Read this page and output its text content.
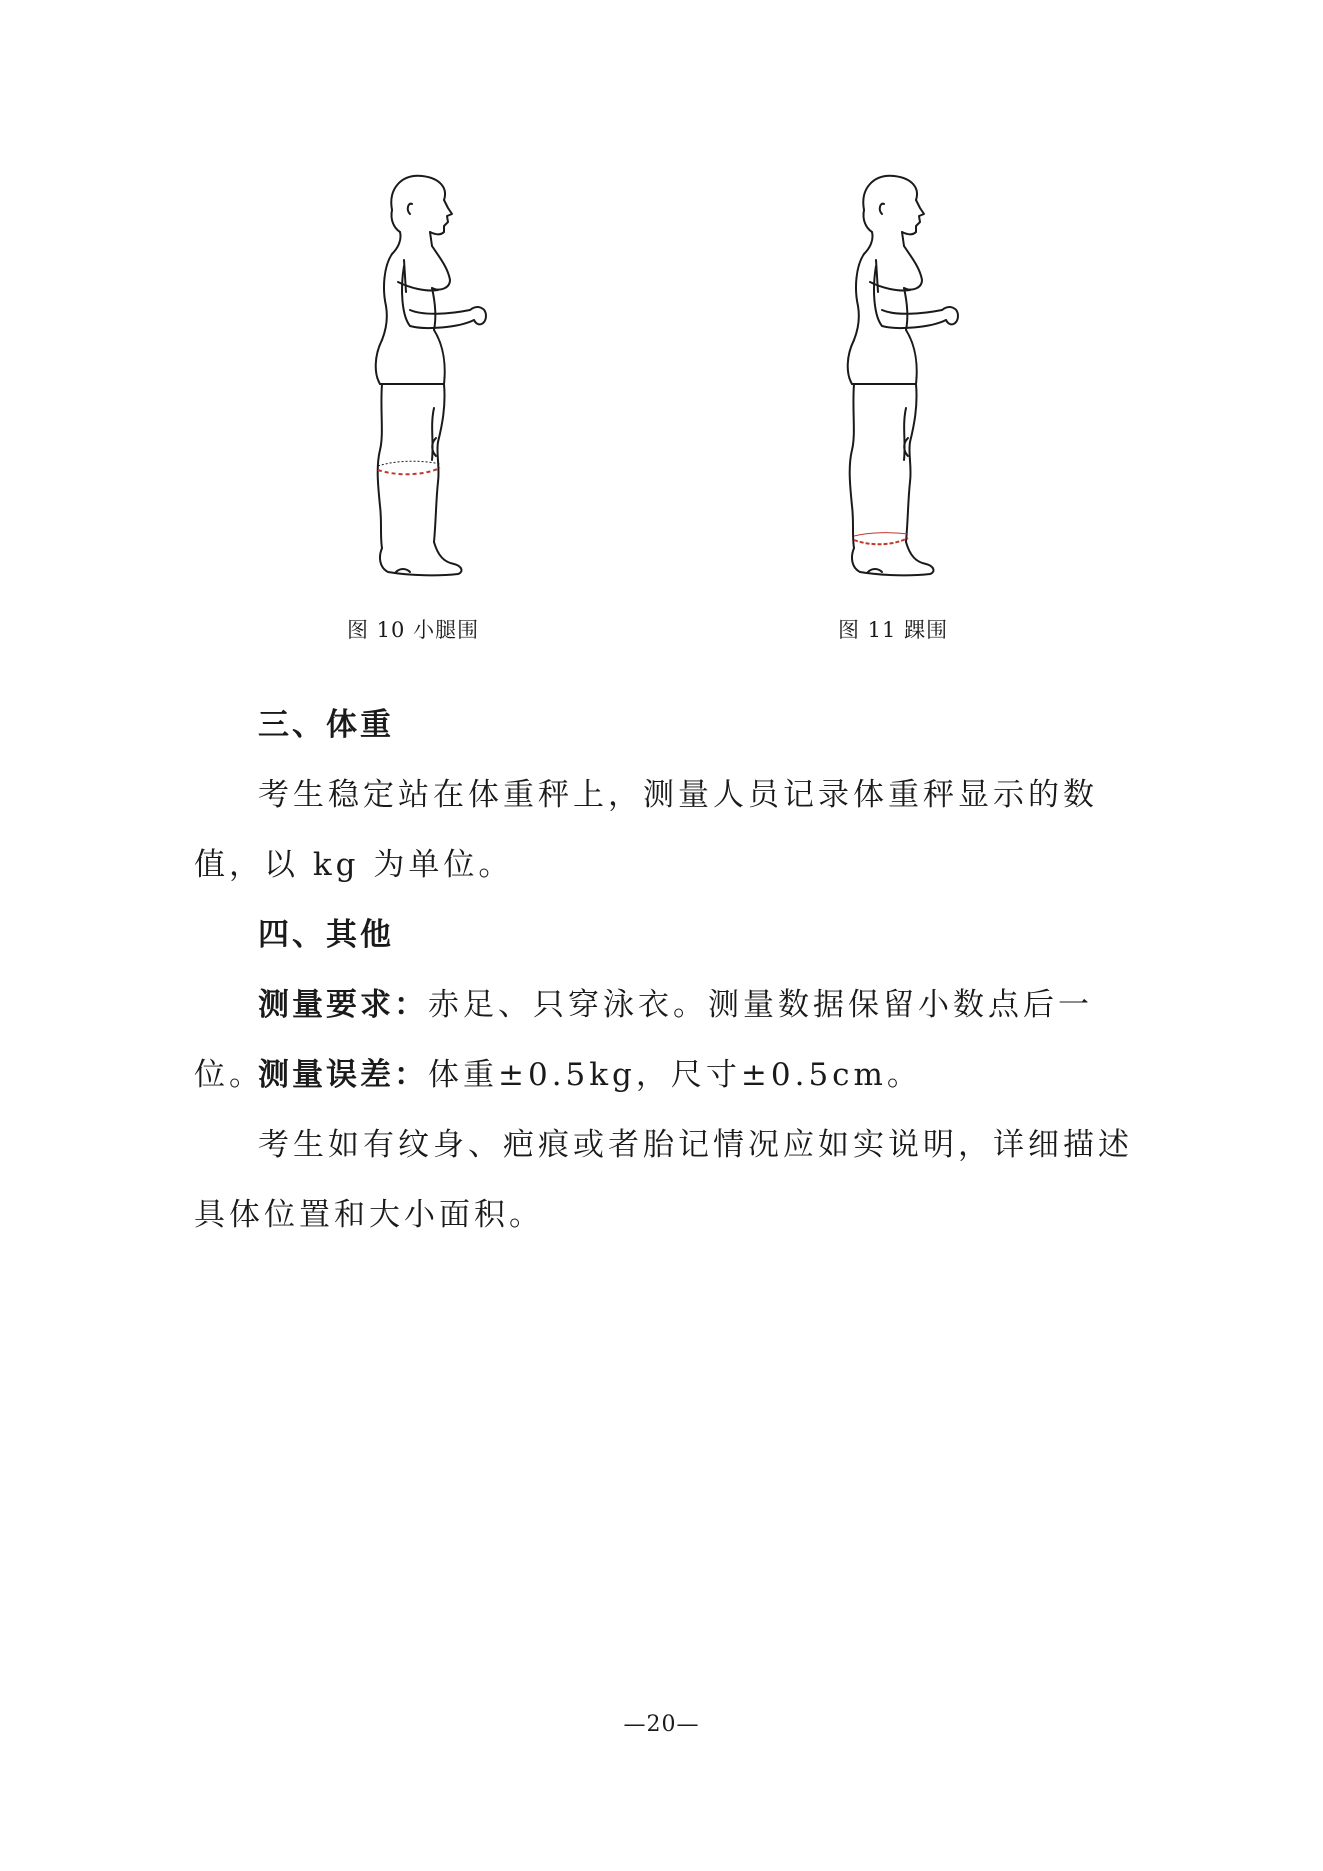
图 10 小腿围	图 11 踝围

三、体重

考生稳定站在体重秤上，测量人员记录体重秤显示的数值，以 kg 为单位。

四、其他

测量要求：赤足、只穿泳衣。测量数据保留小数点后一位。

测量误差：体重±0.5kg，尺寸±0.5cm。

考生如有纹身、疤痕或者胎记情况应如实说明，详细描述具体位置和大小面积。

—20—
